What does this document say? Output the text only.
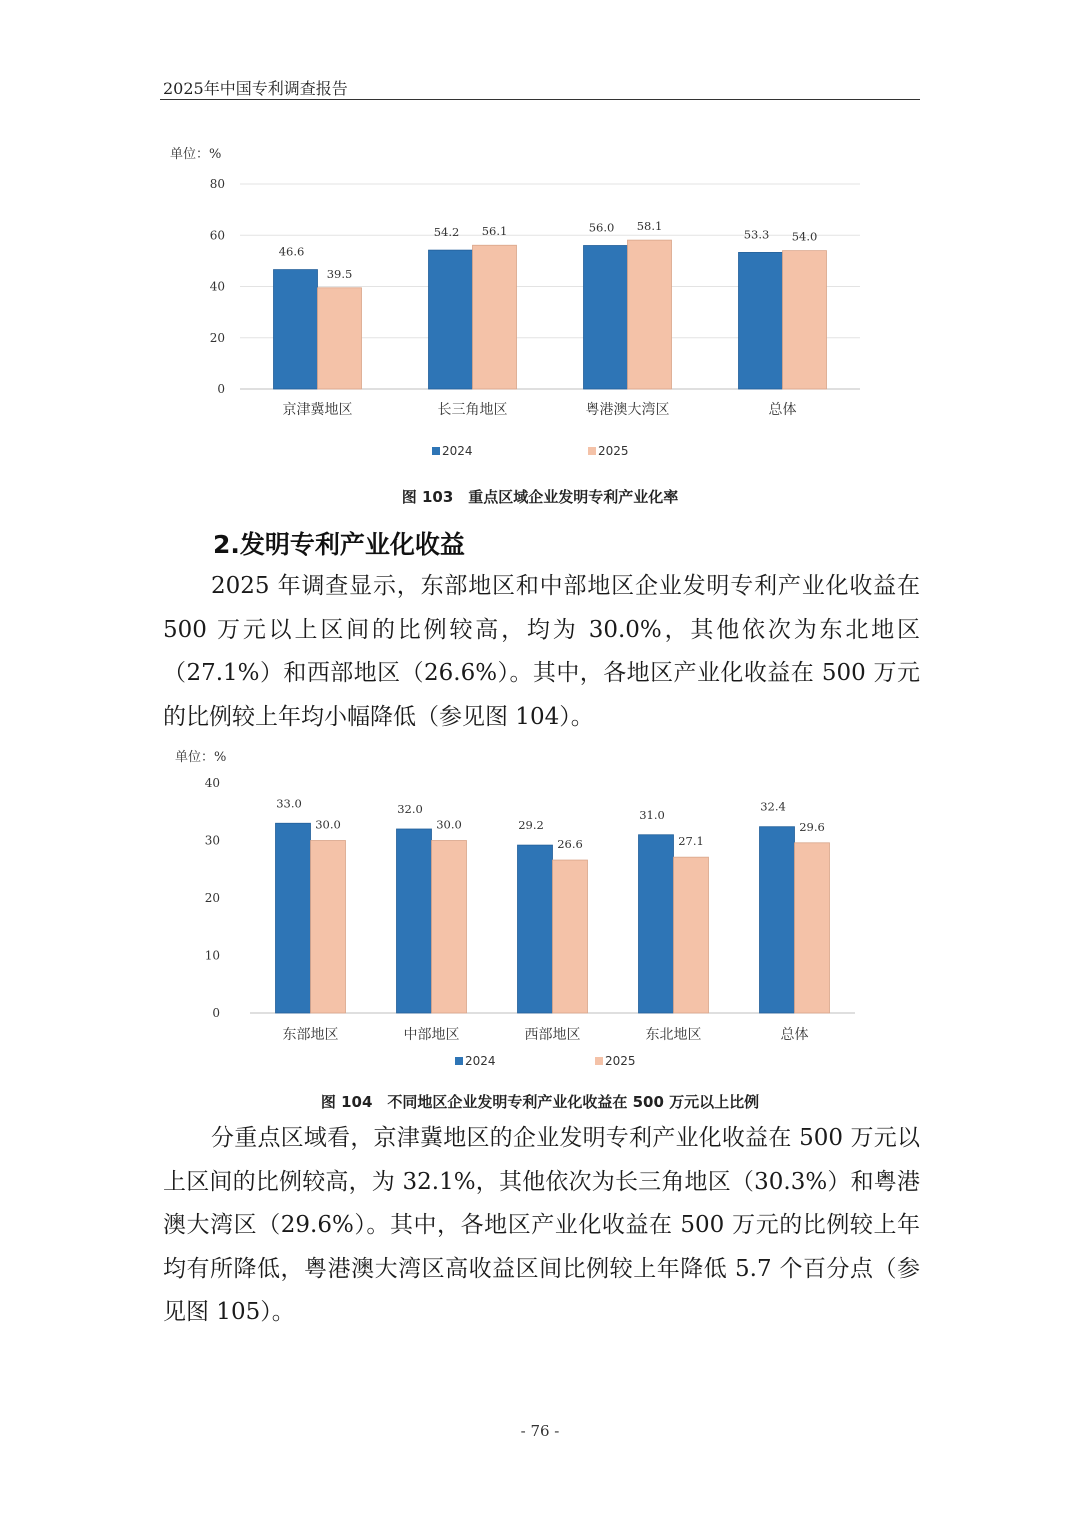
2025年中国专利调查报告
单位：%
0
20
40
60
80
46.6
39.5
京津冀地区
54.2 56.1
长三角地区
56.0 58.1
粤港澳大湾区
53.3 54.0
总体
2024	2025
图 103　重点区域企业发明专利产业化率
2.发明专利产业化收益

2025 年调查显示，东部地区和中部地区企业发明专利产业化收益在 500 万元以上区间的比例较高，均为 30.0%，其他依次为东北地区（27.1%）和西部地区（26.6%）。其中，各地区产业化收益在 500 万元的比例较上年均小幅降低（参见图 104）。

单位：%
0
10
20
30
40
33.0
30.0
东部地区
32.0
30.0
中部地区
29.2
26.6
西部地区
31.0
27.1
东北地区
32.4
29.6
总体
2024	2025
图 104　不同地区企业发明专利产业化收益在 500 万元以上比例

分重点区域看，京津冀地区的企业发明专利产业化收益在 500 万元以上区间的比例较高，为 32.1%，其他依次为长三角地区（30.3%）和粤港澳大湾区（29.6%）。其中，各地区产业化收益在 500 万元的比例较上年均有所降低，粤港澳大湾区高收益区间比例较上年降低 5.7 个百分点（参见图 105）。

- 76 -
